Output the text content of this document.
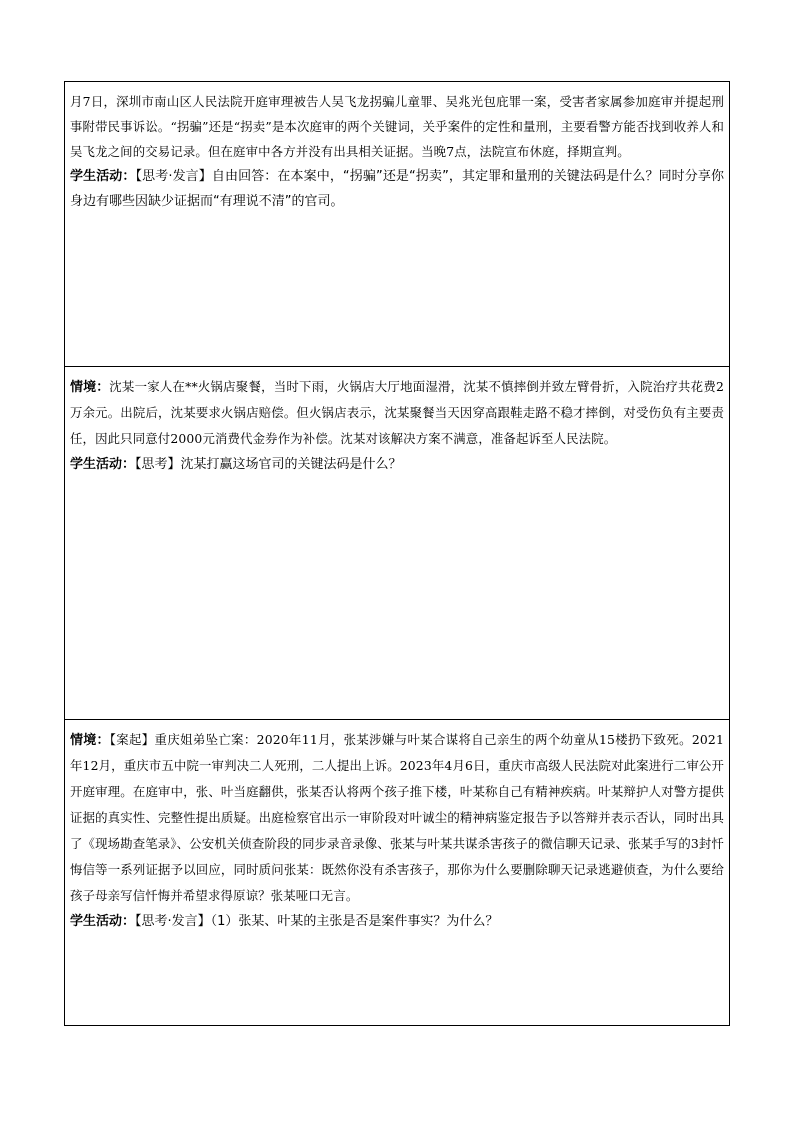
月7日，深圳市南山区人民法院开庭审理被告人吴飞龙拐骗儿童罪、吴兆光包庇罪一案，受害者家属参加庭审并提起刑事附带民事诉讼。“拐骗”还是“拐卖”是本次庭审的两个关键词，关乎案件的定性和量刑，主要看警方能否找到收养人和吴飞龙之间的交易记录。但在庭审中各方并没有出具相关证据。当晚7点，法院宣布休庭，择期宣判。

学生活动：【思考·发言】自由回答：在本案中，“拐骗”还是“拐卖”，其定罪和量刑的关键法码是什么？同时分享你身边有哪些因缺少证据而“有理说不清”的官司。

情境：沈某一家人在**火锅店聚餐，当时下雨，火锅店大厅地面湿滑，沈某不慎摔倒并致左臂骨折，入院治疗共花费2万余元。出院后，沈某要求火锅店赔偿。但火锅店表示，沈某聚餐当天因穿高跟鞋走路不稳才摔倒，对受伤负有主要责任，因此只同意付2000元消费代金券作为补偿。沈某对该解决方案不满意，准备起诉至人民法院。

学生活动：【思考】沈某打赢这场官司的关键法码是什么？

情境：【案起】重庆姐弟坠亡案：2020年11月，张某涉嫌与叶某合谋将自己亲生的两个幼童从15楼扔下致死。2021年12月，重庆市五中院一审判决二人死刑，二人提出上诉。2023年4月6日，重庆市高级人民法院对此案进行二审公开开庭审理。在庭审中，张、叶当庭翻供，张某否认将两个孩子推下楼，叶某称自己有精神疾病。叶某辩护人对警方提供证据的真实性、完整性提出质疑。出庭检察官出示一审阶段对叶诚尘的精神病鉴定报告予以答辩并表示否认，同时出具了《现场勘查笔录》、公安机关侦查阶段的同步录音录像、张某与叶某共谋杀害孩子的微信聊天记录、张某手写的3封忏悔信等一系列证据予以回应，同时质问张某：既然你没有杀害孩子，那你为什么要删除聊天记录逃避侦查，为什么要给孩子母亲写信忏悔并希望求得原谅？张某哑口无言。

学生活动：【思考·发言】（1）张某、叶某的主张是否是案件事实？为什么？
